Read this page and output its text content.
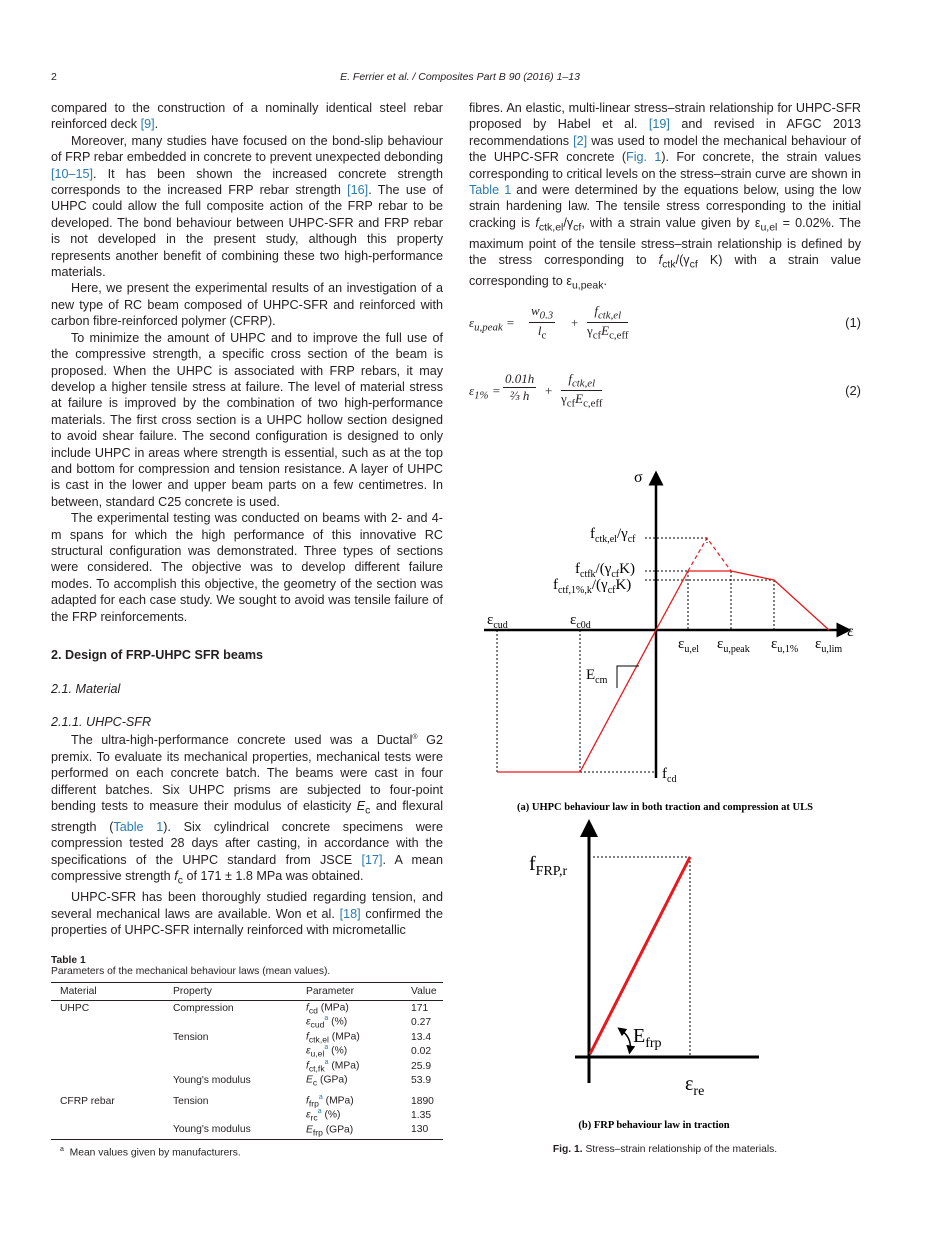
2	E. Ferrier et al. / Composites Part B 90 (2016) 1–13

compared to the construction of a nominally identical steel rebar reinforced deck [9].

Moreover, many studies have focused on the bond-slip behaviour of FRP rebar embedded in concrete to prevent unexpected debonding [10–15]. It has been shown the increased concrete strength corresponds to the increased FRP rebar strength [16]. The use of UHPC could allow the full composite action of the FRP rebar to be developed. The bond behaviour between UHPC-SFR and FRP rebar is not developed in the present study, although this property represents another benefit of combining these two high-performance materials.

Here, we present the experimental results of an investigation of a new type of RC beam composed of UHPC-SFR and reinforced with carbon fibre-reinforced polymer (CFRP).

To minimize the amount of UHPC and to improve the full use of the compressive strength, a specific cross section of the beam is proposed. When the UHPC is associated with FRP rebars, it may develop a higher tensile stress at failure. The level of material stress at failure is improved by the combination of two high-performance materials. The first cross section is a UHPC hollow section designed to avoid shear failure. The second configuration is designed to only include UHPC in areas where strength is essential, such as at the top and bottom for compression and tension resistance. A layer of UHPC is cast in the lower and upper beam parts on a few centimetres. In between, standard C25 concrete is used.

The experimental testing was conducted on beams with 2- and 4-m spans for which the high performance of this innovative RC structural configuration was demonstrated. Three types of sections were considered. The objective was to develop different failure modes. To accomplish this objective, the geometry of the section was adapted for each case study. We sought to avoid was tensile failure of the FRP reinforcements.

2. Design of FRP-UHPC SFR beams
2.1. Material
2.1.1. UHPC-SFR

The ultra-high-performance concrete used was a Ductal® G2 premix. To evaluate its mechanical properties, mechanical tests were performed on each concrete batch. The beams were cast in four different batches. Six UHPC prisms are subjected to four-point bending tests to measure their modulus of elasticity $E_c$ and flexural strength (Table 1). Six cylindrical concrete specimens were compression tested 28 days after casting, in accordance with the specifications of the UHPC standard from JSCE [17]. A mean compressive strength $f_c$ of 171 ± 1.8 MPa was obtained.

UHPC-SFR has been thoroughly studied regarding tension, and several mechanical laws are available. Won et al. [18] confirmed the properties of UHPC-SFR internally reinforced with micrometallic

Table 1
Parameters of the mechanical behaviour laws (mean values).
Material	Property	Parameter	Value
UHPC	Compression	$f_{cd}$ (MPa)	171
		$\varepsilon_{cud}^a$ (%)	0.27
	Tension	$f_{ctk,el}$ (MPa)	13.4
		$\varepsilon_{u,el}^a$ (%)	0.02
		$f_{ct,fk}^a$ (MPa)	25.9
	Young's modulus	$E_c$ (GPa)	53.9
CFRP rebar	Tension	$f_{frp}^a$ (MPa)	1890
		$\varepsilon_{rc}^a$ (%)	1.35
	Young's modulus	$E_{frp}$ (GPa)	130
$^a$ Mean values given by manufacturers.

fibres. An elastic, multi-linear stress–strain relationship for UHPC-SFR proposed by Habel et al. [19] and revised in AFGC 2013 recommendations [2] was used to model the mechanical behaviour of the UHPC-SFR concrete (Fig. 1). For concrete, the strain values corresponding to critical levels on the stress–strain curve are shown in Table 1 and were determined by the equations below, using the low strain hardening law. The tensile stress corresponding to the initial cracking is $f_{ctk,el}/\gamma_{cf}$, with a strain value given by $\varepsilon_{u,el} = 0.02\%$. The maximum point of the tensile stress–strain relationship is defined by the stress corresponding to $f_{ctk}/(\gamma_{cf}$ K) with a strain value corresponding to $\varepsilon_{u,peak}$.

$\varepsilon_{u,peak} = \frac{w_{0.3}}{l_c}$ +
$f_{ctk,el}$
$\gamma_{cf}E_{c,eff}$
(1)
$\varepsilon_{1\%} = \frac{0.01h}{\text{⅔ h}}$ +
$f_{ctk,el}$
$\gamma_{cf}E_{c,eff}$
(2)
σ
ε
$f_{ctk,el}/\gamma_{cf}$
$f_{ctfk}/(\gamma_{cf}K)$
$f_{ctf,1\%,k}/(\gamma_{cf}K)$
$\varepsilon_{cud}$	$\varepsilon_{c0d}$
$\varepsilon_{u,el}$ $\varepsilon_{u,peak}$ $\varepsilon_{u,1\%}$ $\varepsilon_{u,lim}$
$E_{cm}$
$f_{cd}$
(a) UHPC behaviour law in both traction and compression at ULS
$f_{FRP,r}$
$E_{frp}$
$\varepsilon_{re}$
(b) FRP behaviour law in traction
Fig. 1. Stress–strain relationship of the materials.
